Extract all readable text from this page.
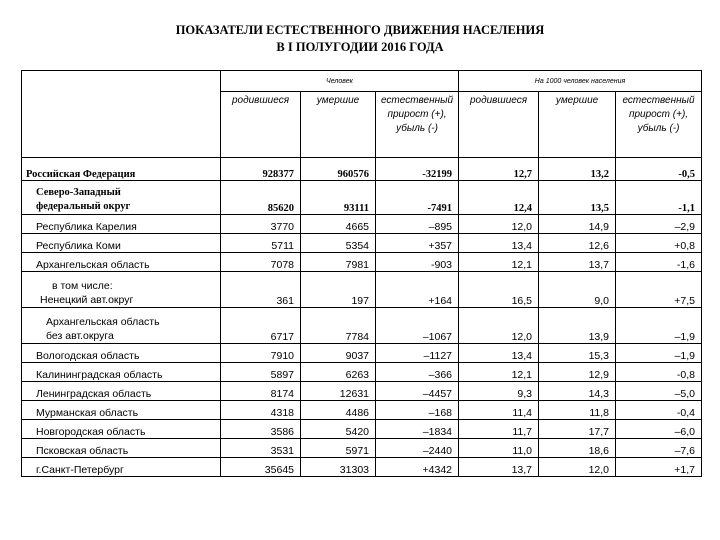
ПОКАЗАТЕЛИ ЕСТЕСТВЕННОГО ДВИЖЕНИЯ НАСЕЛЕНИЯ
В I ПОЛУГОДИИ 2016 ГОДА
	Человек			На 1000 человек населения		
	родившиеся	умершие	естественный прирост (+), убыль (-)	родившиеся	умершие	естественный прирост (+), убыль (-)
Российская Федерация	928377	960576	-32199	12,7	13,2	-0,5

Северо-Западный
федеральный округ	85620	93111	-7491	12,4	13,5	-1,1
Республика Карелия	3770	4665	–895	12,0	14,9	–2,9
Республика Коми	5711	5354	+357	13,4	12,6	+0,8
Архангельская область	7078	7981	-903	12,1	13,7	-1,6

в том числе:
Ненецкий авт.округ	361	197	+164	16,5	9,0	+7,5

Архангельская область
без авт.округа	6717	7784	–1067	12,0	13,9	–1,9
Вологодская область	7910	9037	–1127	13,4	15,3	–1,9
Калининградская область	5897	6263	–366	12,1	12,9	-0,8
Ленинградская область	8174	12631	–4457	9,3	14,3	–5,0
Мурманская область	4318	4486	–168	11,4	11,8	-0,4
Новгородская область	3586	5420	–1834	11,7	17,7	–6,0
Псковская область	3531	5971	–2440	11,0	18,6	–7,6
г.Санкт-Петербург	35645	31303	+4342	13,7	12,0	+1,7
